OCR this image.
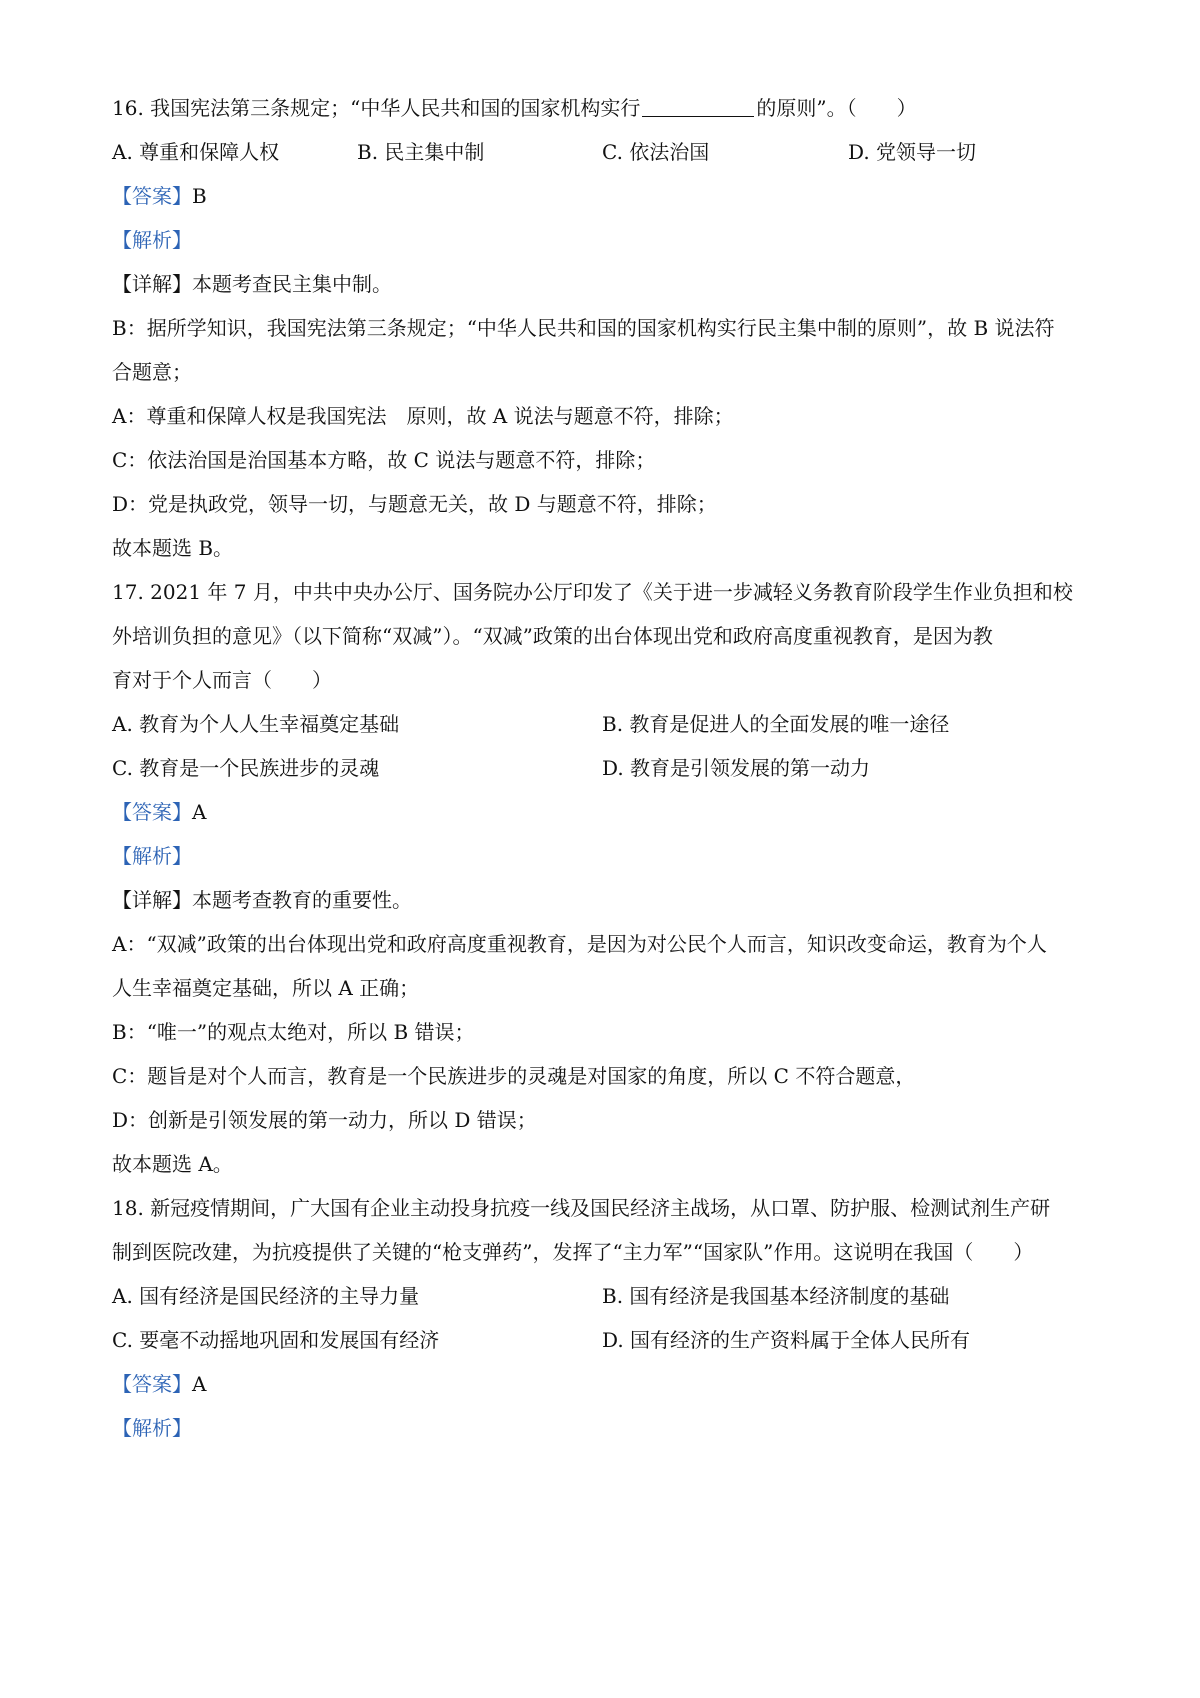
16. 我国宪法第三条规定；“中华人民共和国的国家机构实行	的原则”。（　　）
A. 尊重和保障人权	B. 民主集中制	C. 依法治国	D. 党领导一切
【答案】B
【解析】
【详解】本题考查民主集中制。
B：据所学知识，我国宪法第三条规定；“中华人民共和国的国家机构实行民主集中制的原则”，故 B 说法符
合题意；
A：尊重和保障人权是我国宪法　原则，故 A 说法与题意不符，排除；
C：依法治国是治国基本方略，故 C 说法与题意不符，排除；
D：党是执政党，领导一切，与题意无关，故 D 与题意不符，排除；
故本题选 B。
17. 2021 年 7 月，中共中央办公厅、国务院办公厅印发了《关于进一步减轻义务教育阶段学生作业负担和校
外培训负担的意见》（以下简称“双减”）。“双减”政策的出台体现出党和政府高度重视教育，是因为教
育对于个人而言（　　）
A. 教育为个人人生幸福奠定基础	B. 教育是促进人的全面发展的唯一途径
C. 教育是一个民族进步的灵魂	D. 教育是引领发展的第一动力
【答案】A
【解析】
【详解】本题考查教育的重要性。
A：“双减”政策的出台体现出党和政府高度重视教育，是因为对公民个人而言，知识改变命运，教育为个人
人生幸福奠定基础，所以 A 正确；
B：“唯一”的观点太绝对，所以 B 错误；
C：题旨是对个人而言，教育是一个民族进步的灵魂是对国家的角度，所以 C 不符合题意，
D：创新是引领发展的第一动力，所以 D 错误；
故本题选 A。
18. 新冠疫情期间，广大国有企业主动投身抗疫一线及国民经济主战场，从口罩、防护服、检测试剂生产研
制到医院改建，为抗疫提供了关键的“枪支弹药”，发挥了“主力军”“国家队”作用。这说明在我国（　　）
A. 国有经济是国民经济的主导力量	B. 国有经济是我国基本经济制度的基础
C. 要毫不动摇地巩固和发展国有经济	D. 国有经济的生产资料属于全体人民所有
【答案】A
【解析】
